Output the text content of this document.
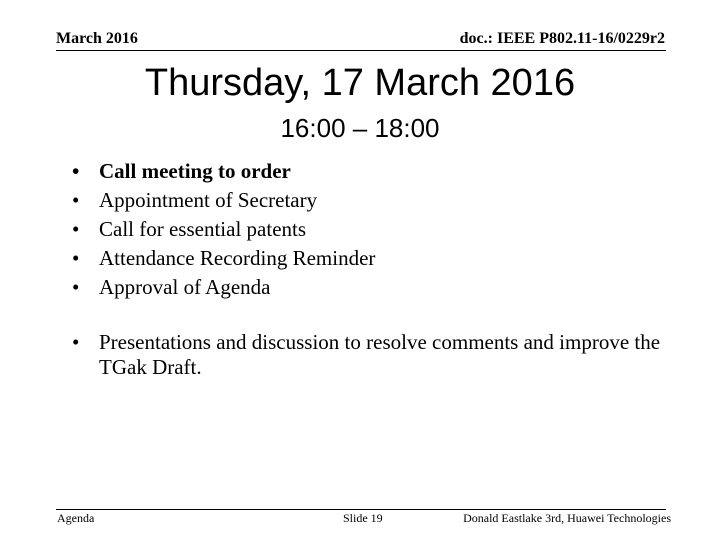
March 2016	doc.: IEEE P802.11-16/0229r2
Thursday, 17 March 2016
16:00 – 18:00
• Call meeting to order
• Appointment of Secretary
• Call for essential patents
• Attendance Recording Reminder
• Approval of Agenda
• Presentations and discussion to resolve comments and improve the TGak Draft.
Agenda	Slide 19	Donald Eastlake 3rd, Huawei Technologies
